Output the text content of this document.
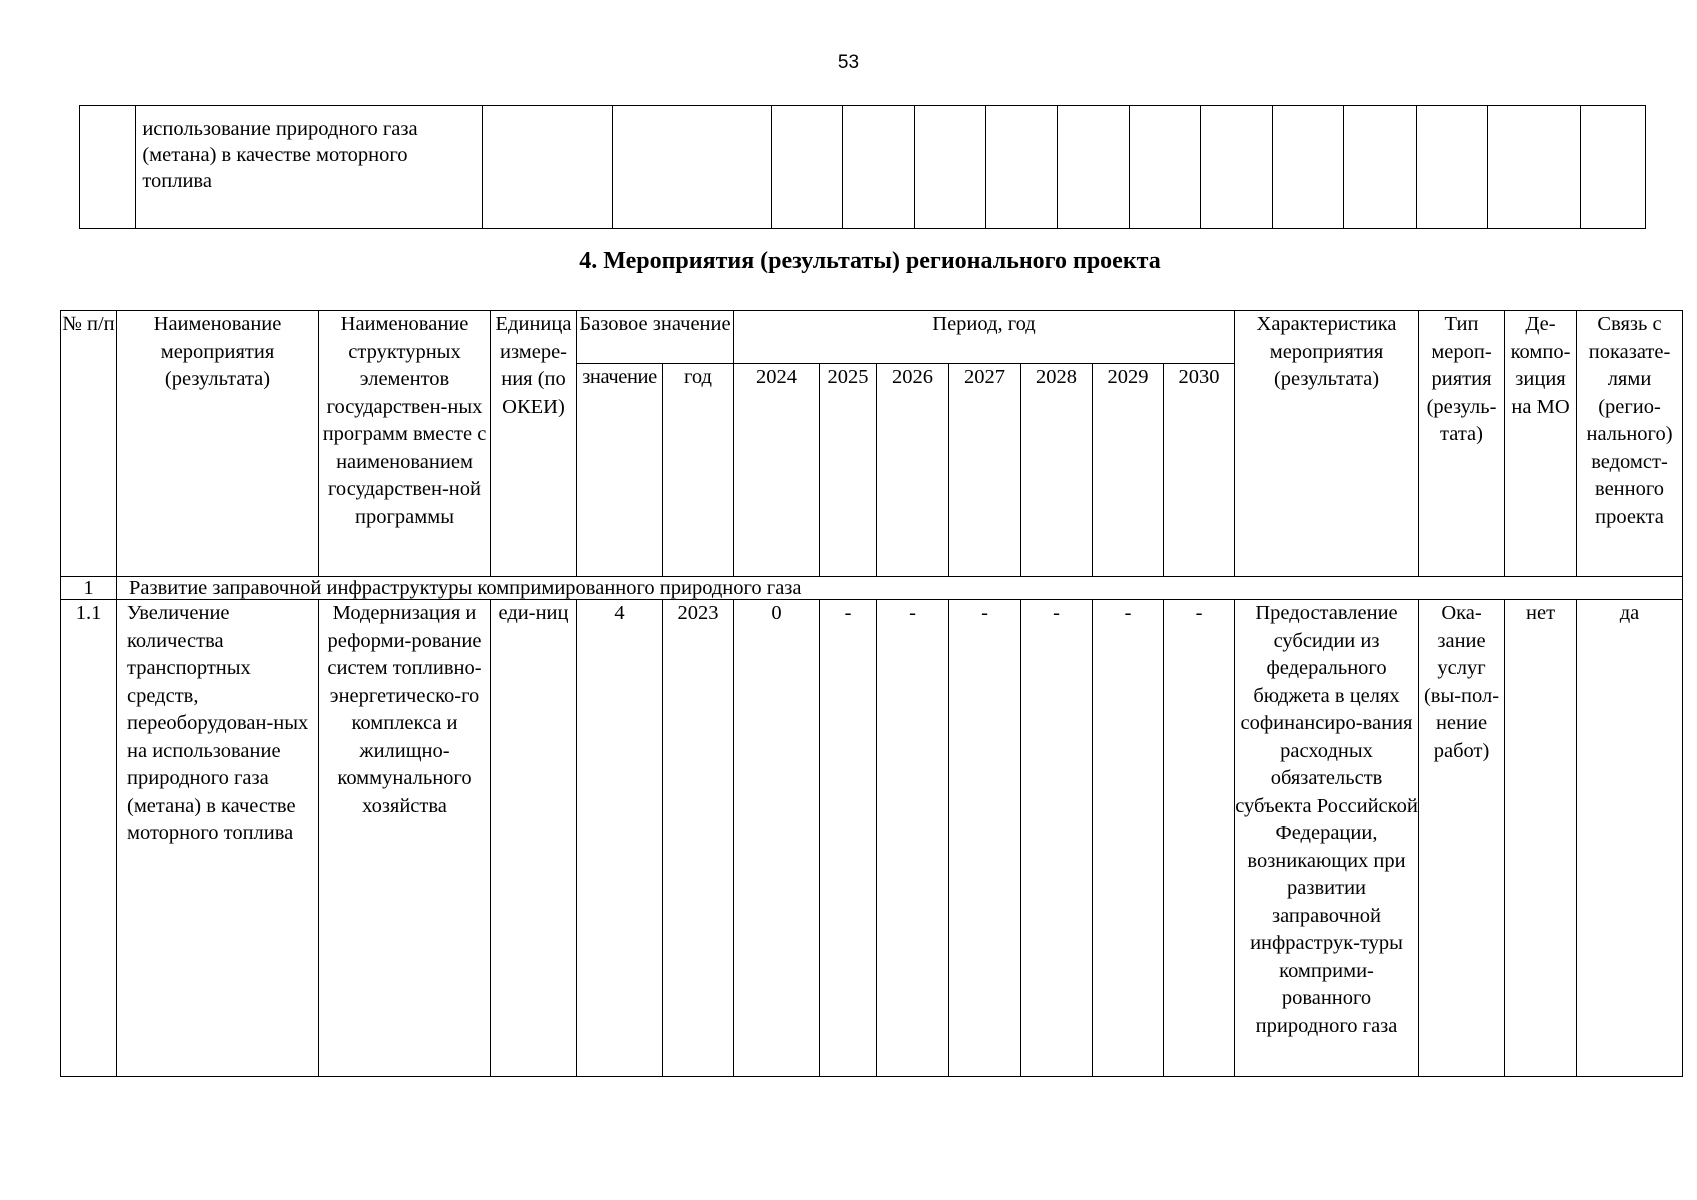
53
	использование природного газа (метана) в качестве моторного топлива														
4. Мероприятия (результаты) регионального проекта
№ п/п	Наименование мероприятия (результата)	Наименование структурных элементов государствен-ных программ вместе с наименованием государствен-ной программы	Единица измере-ния (по ОКЕИ)	Базовое значение		Период, год							Характеристика мероприятия (результата)	Тип мероп-риятия (резуль-тата)	Де-компо-зиция на МО	Связь с показате-лями (регио-нального) ведомст-венного проекта
				значение	год	2024	2025	2026	2027	2028	2029	2030				
1	Развитие заправочной инфраструктуры компримированного природного газа															
1.1	Увеличение количества транспортных средств, переоборудован-ных на использование природного газа (метана) в качестве моторного топлива	Модернизация и реформи-рование систем топливно-энергетическо-го комплекса и жилищно-коммунального хозяйства	еди-ниц	4	2023	0	-	-	-	-	-	-	Предоставление субсидии из федерального бюджета в целях софинансиро-вания расходных обязательств субъекта Российской Федерации, возникающих при развитии заправочной инфраструк-туры комприми-рованного природного газа	Ока-зание услуг (вы-пол-нение работ)	нет	да
